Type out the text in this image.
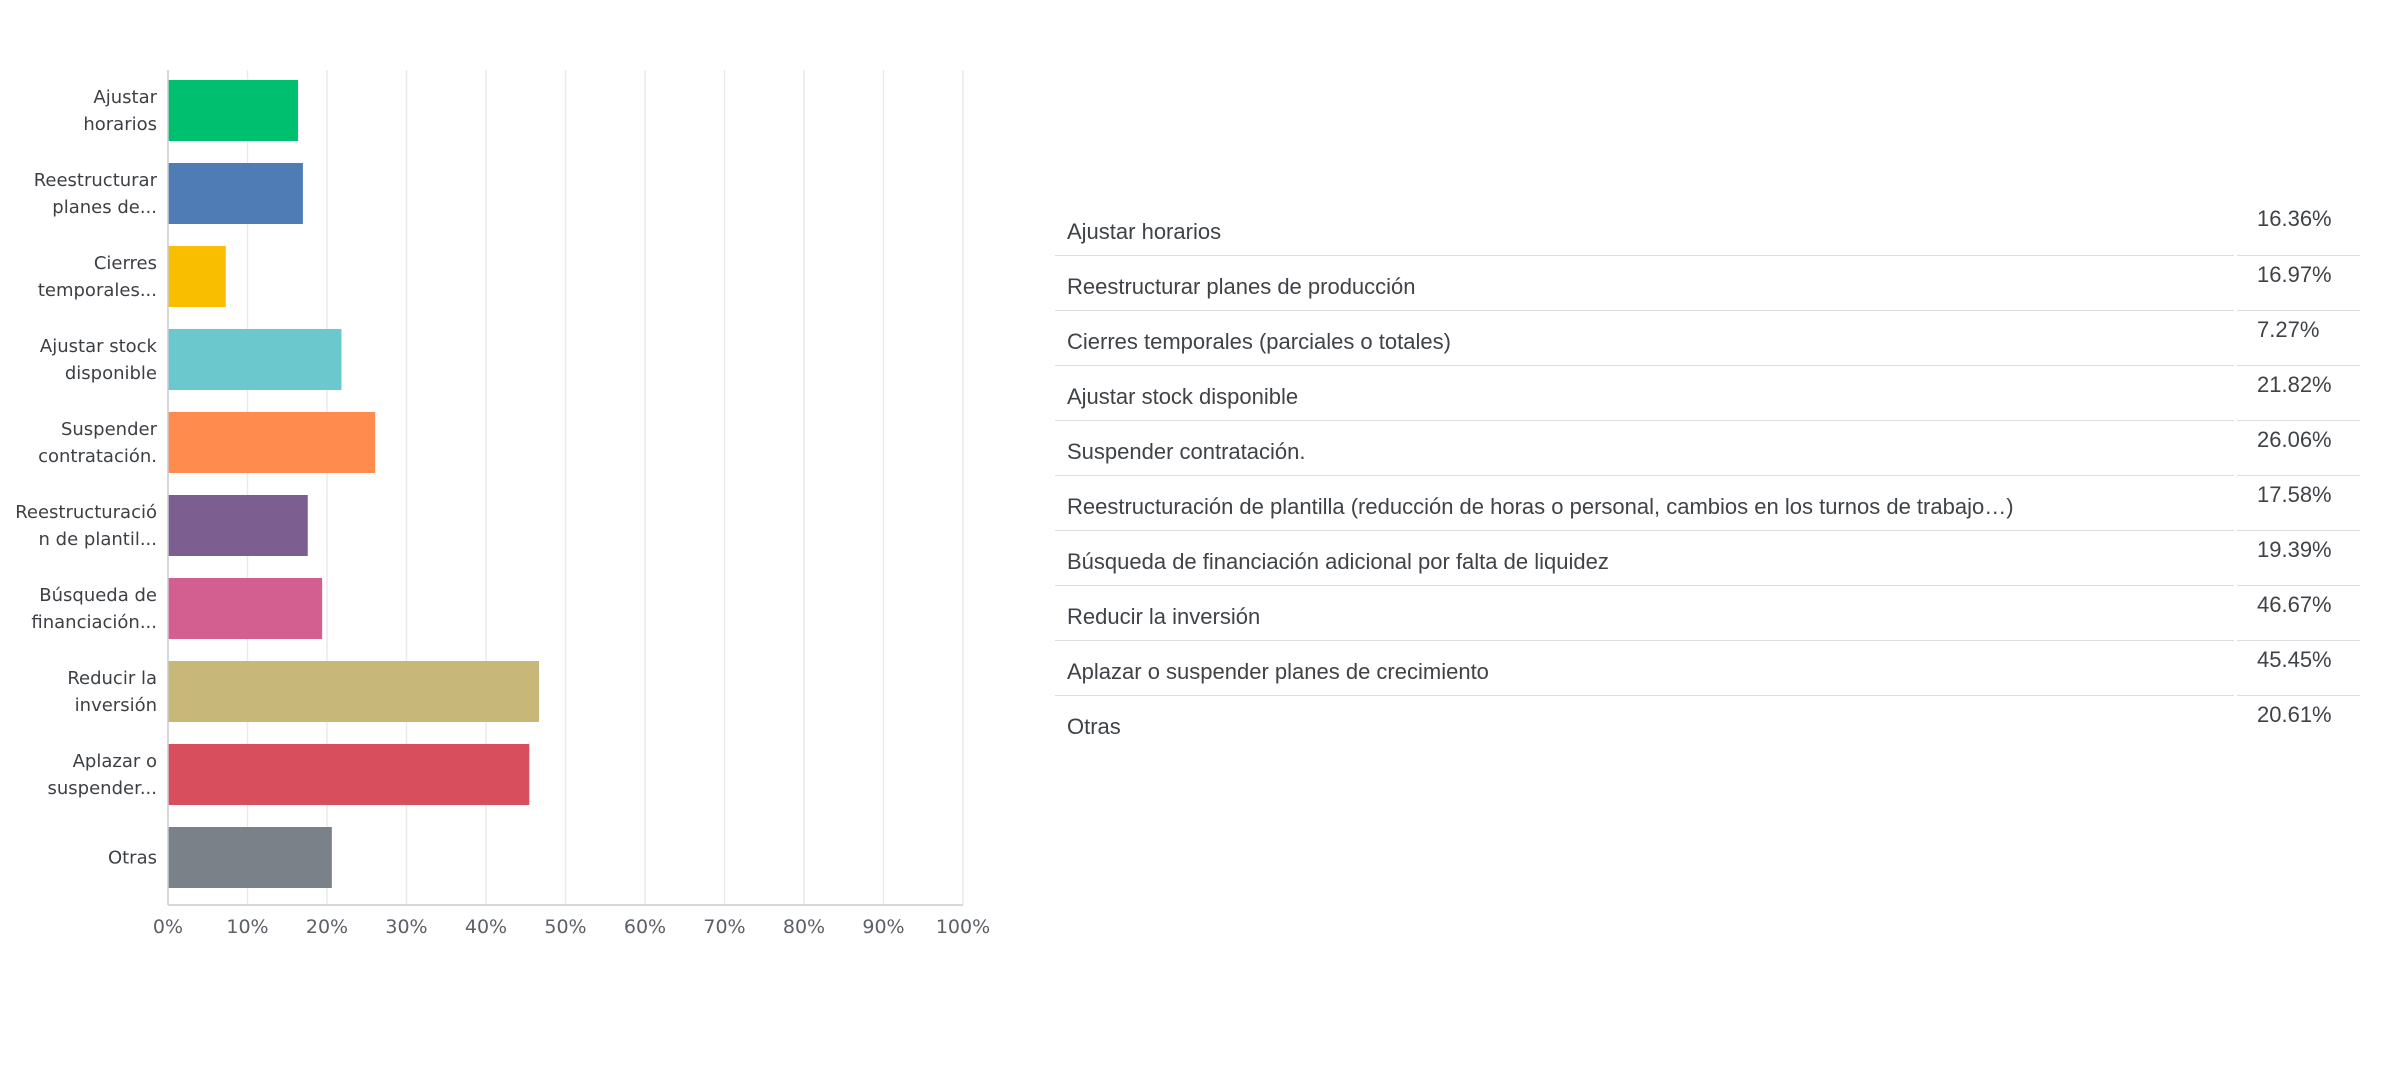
Ajustar
horarios
Reestructurar
planes de...
Cierres
temporales...
Ajustar stock
disponible
Suspender
contratación.
Reestructuració
n de plantil...
Búsqueda de
financiación...
Reducir la
inversión
Aplazar o
suspender...
Otras
0% 10% 20% 30% 40% 50% 60% 70% 80% 90% 100%
Ajustar horarios		16.36%
Reestructurar planes de producción		16.97%
Cierres temporales (parciales o totales)		7.27%
Ajustar stock disponible		21.82%
Suspender contratación.		26.06%
Reestructuración de plantilla (reducción de horas o personal, cambios en los turnos de trabajo…)		17.58%
Búsqueda de financiación adicional por falta de liquidez		19.39%
Reducir la inversión		46.67%
Aplazar o suspender planes de crecimiento		45.45%
Otras		20.61%
